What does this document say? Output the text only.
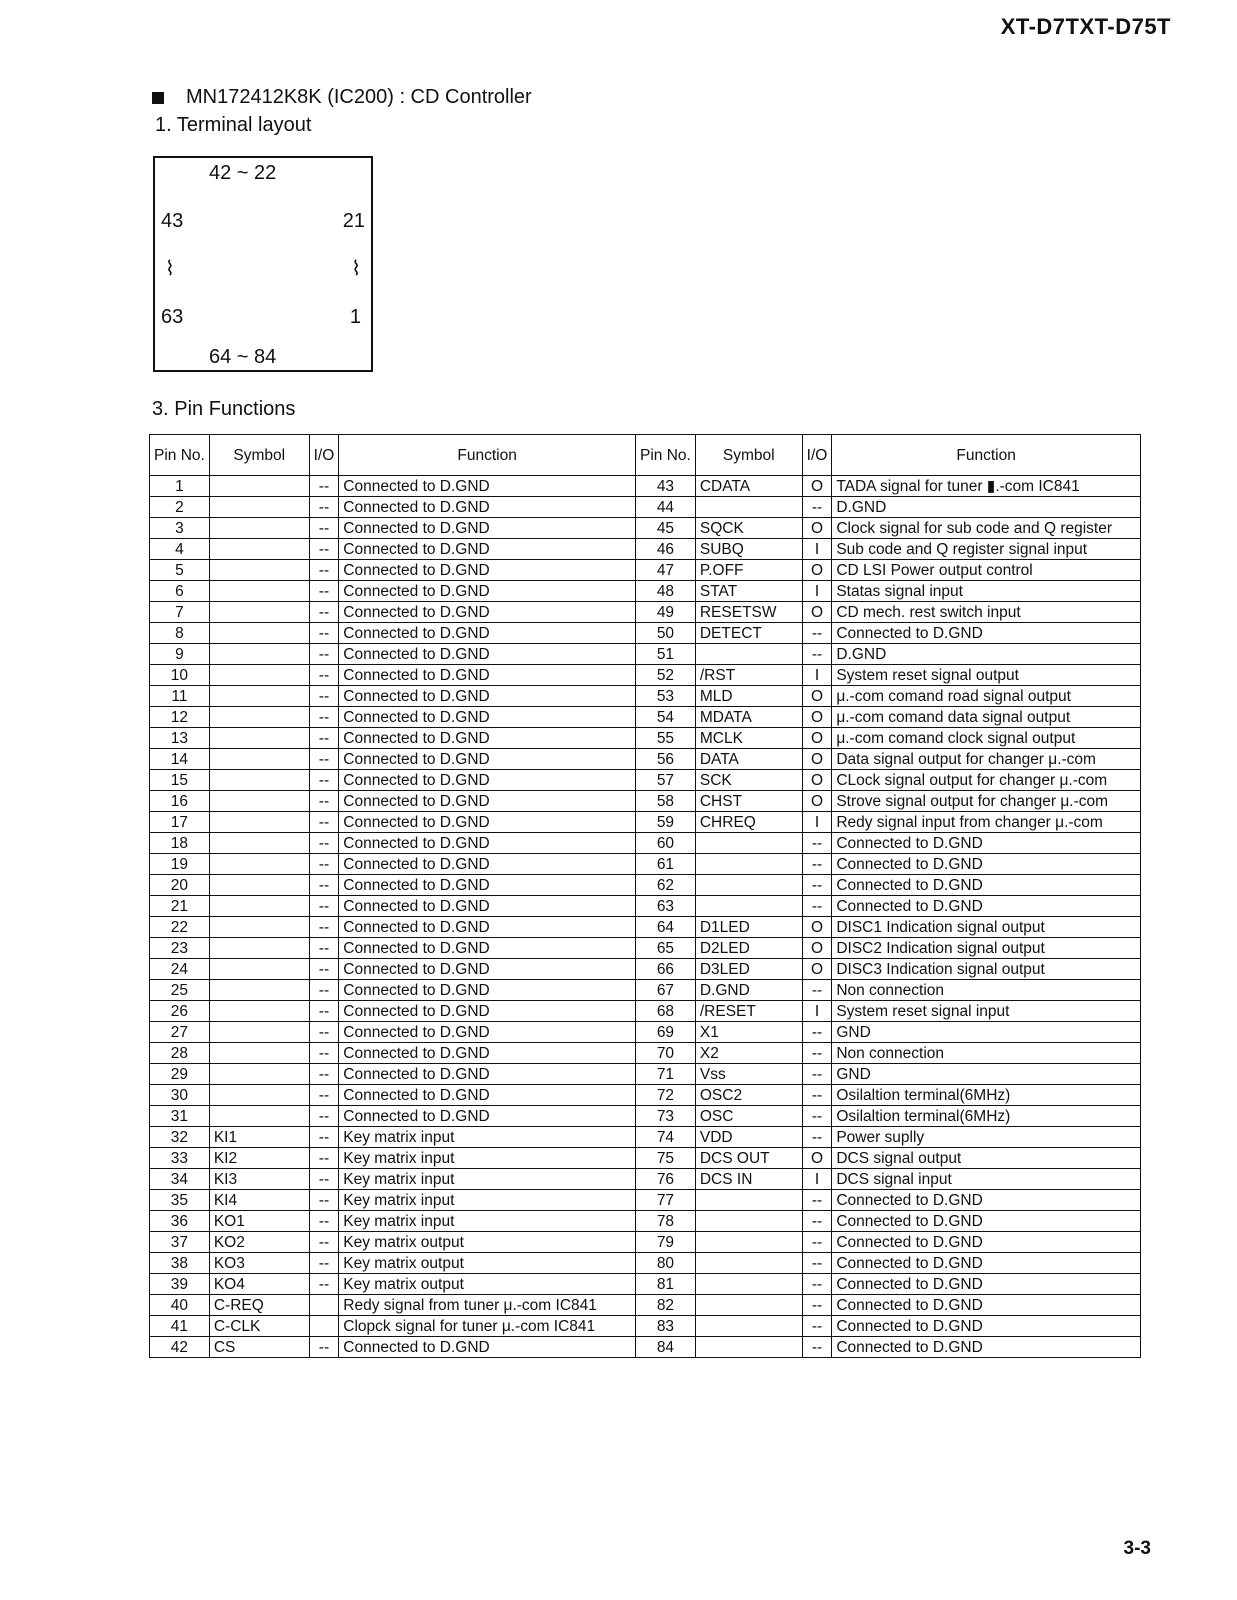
XT-D7TXT-D75T
MN172412K8K (IC200) : CD Controller
1. Terminal layout
42 ~ 22
43	21
⌇	⌇
63	1
64 ~ 84
3. Pin Functions
Pin No.	Symbol	I/O	Function	Pin No.	Symbol	I/O	Function
1		--	Connected to D.GND	43	CDATA	O	TADA signal for tuner ▮.-com IC841
2		--	Connected to D.GND	44		--	D.GND
3		--	Connected to D.GND	45	SQCK	O	Clock signal for sub code and Q register
4		--	Connected to D.GND	46	SUBQ	I	Sub code and Q register signal input
5		--	Connected to D.GND	47	P.OFF	O	CD LSI Power output control
6		--	Connected to D.GND	48	STAT	I	Statas signal input
7		--	Connected to D.GND	49	RESETSW	O	CD mech. rest switch input
8		--	Connected to D.GND	50	DETECT	--	Connected to D.GND
9		--	Connected to D.GND	51		--	D.GND
10		--	Connected to D.GND	52	/RST	I	System reset signal output
11		--	Connected to D.GND	53	MLD	O	μ.-com comand road signal output
12		--	Connected to D.GND	54	MDATA	O	μ.-com comand data signal output
13		--	Connected to D.GND	55	MCLK	O	μ.-com comand clock signal output
14		--	Connected to D.GND	56	DATA	O	Data signal output for changer μ.-com
15		--	Connected to D.GND	57	SCK	O	CLock signal output for changer μ.-com
16		--	Connected to D.GND	58	CHST	O	Strove signal output for changer μ.-com
17		--	Connected to D.GND	59	CHREQ	I	Redy signal input from changer μ.-com
18		--	Connected to D.GND	60		--	Connected to D.GND
19		--	Connected to D.GND	61		--	Connected to D.GND
20		--	Connected to D.GND	62		--	Connected to D.GND
21		--	Connected to D.GND	63		--	Connected to D.GND
22		--	Connected to D.GND	64	D1LED	O	DISC1 Indication signal output
23		--	Connected to D.GND	65	D2LED	O	DISC2 Indication signal output
24		--	Connected to D.GND	66	D3LED	O	DISC3 Indication signal output
25		--	Connected to D.GND	67	D.GND	--	Non connection
26		--	Connected to D.GND	68	/RESET	I	System reset signal input
27		--	Connected to D.GND	69	X1	--	GND
28		--	Connected to D.GND	70	X2	--	Non connection
29		--	Connected to D.GND	71	Vss	--	GND
30		--	Connected to D.GND	72	OSC2	--	Osilaltion terminal(6MHz)
31		--	Connected to D.GND	73	OSC	--	Osilaltion terminal(6MHz)
32	KI1	--	Key matrix input	74	VDD	--	Power suplly
33	KI2	--	Key matrix input	75	DCS OUT	O	DCS signal output
34	KI3	--	Key matrix input	76	DCS IN	I	DCS signal input
35	KI4	--	Key matrix input	77		--	Connected to D.GND
36	KO1	--	Key matrix input	78		--	Connected to D.GND
37	KO2	--	Key matrix output	79		--	Connected to D.GND
38	KO3	--	Key matrix output	80		--	Connected to D.GND
39	KO4	--	Key matrix output	81		--	Connected to D.GND
40	C-REQ		Redy signal from tuner μ.-com IC841	82		--	Connected to D.GND
41	C-CLK		Clopck signal for tuner μ.-com IC841	83		--	Connected to D.GND
42	CS	--	Connected to D.GND	84		--	Connected to D.GND
3-3
